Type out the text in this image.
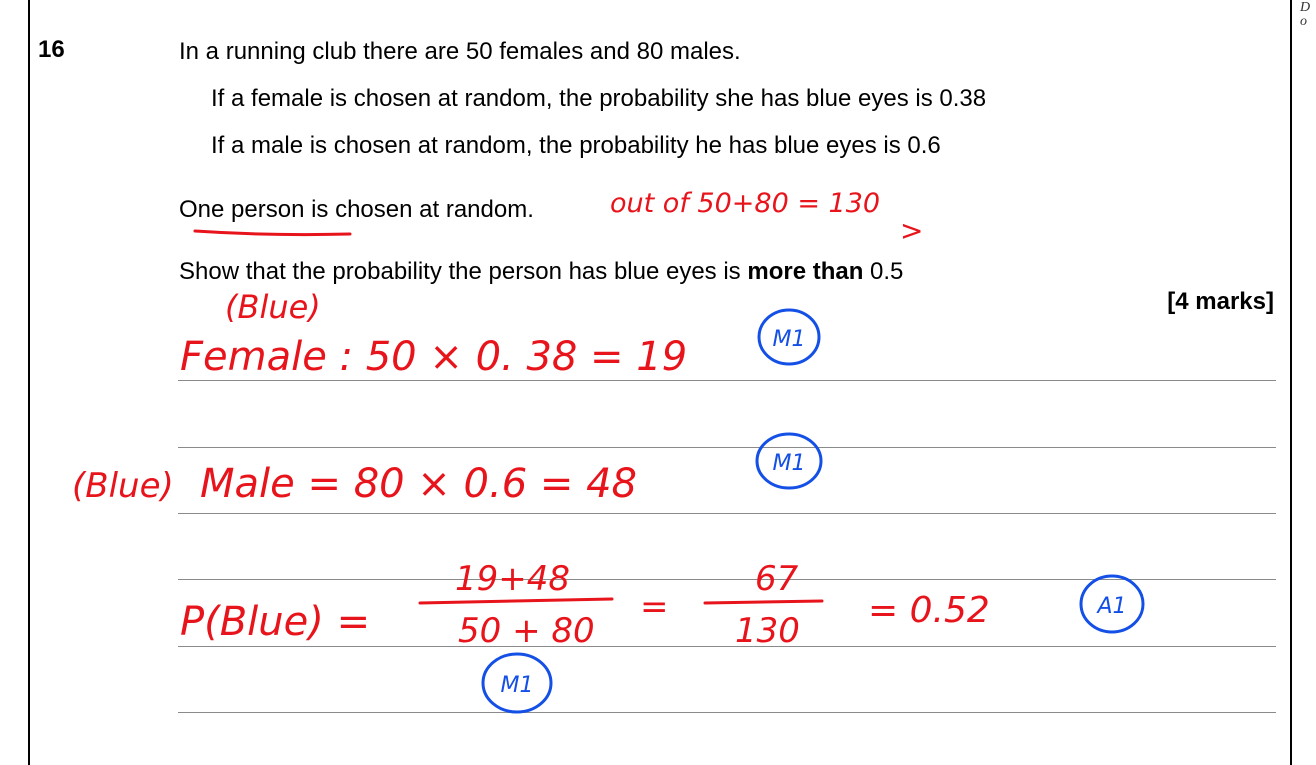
D
o
16	In a running club there are 50 females and 80 males.
If a female is chosen at random, the probability she has blue eyes is 0.38
If a male is chosen at random, the probability he has blue eyes is 0.6
One person is chosen at random.
Show that the probability the person has blue eyes is more than 0.5
[4 marks]
out of 50+80 = 130
>
(Blue)
Female : 50 × 0. 38 = 19
(Blue) Male = 80 × 0.6 = 48
P(Blue) =
19+48
50 + 80
=
67
130 = 0.52
M1
M1
A1
M1
